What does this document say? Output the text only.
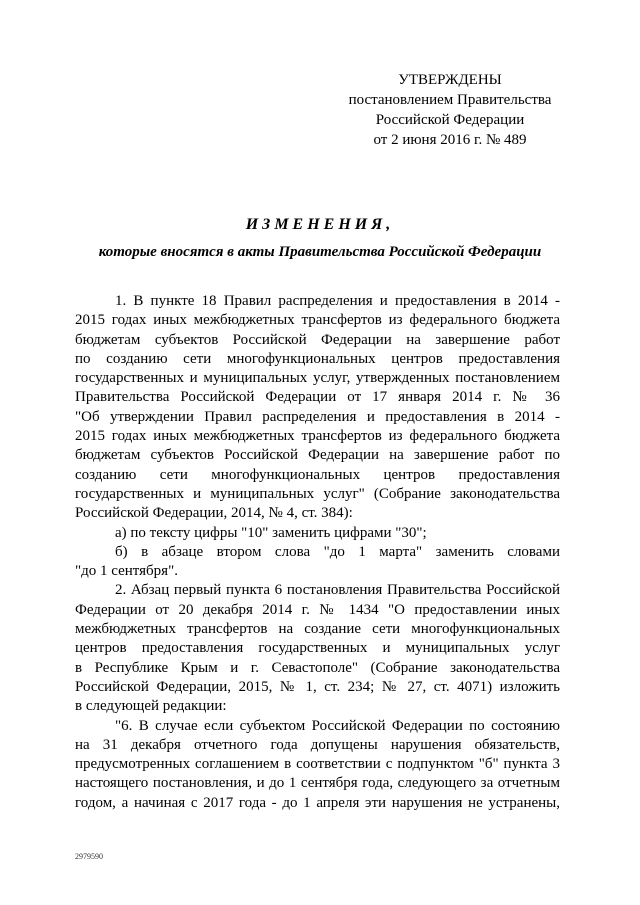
УТВЕРЖДЕНЫ
постановлением Правительства
Российской Федерации
от 2 июня 2016 г. № 489
ИЗМЕНЕНИЯ,
которые вносятся в акты Правительства Российской Федерации
1. В пункте 18 Правил распределения и предоставления в 2014 -
2015 годах иных межбюджетных трансфертов из федерального бюджета
бюджетам субъектов Российской Федерации на завершение работ
по созданию сети многофункциональных центров предоставления
государственных и муниципальных услуг, утвержденных постановлением
Правительства Российской Федерации от 17 января 2014 г. № 36
"Об утверждении Правил распределения и предоставления в 2014 -
2015 годах иных межбюджетных трансфертов из федерального бюджета
бюджетам субъектов Российской Федерации на завершение работ по
созданию сети многофункциональных центров предоставления
государственных и муниципальных услуг" (Собрание законодательства
Российской Федерации, 2014, № 4, ст. 384):
а) по тексту цифры "10" заменить цифрами "30";
б) в абзаце втором слова "до 1 марта" заменить словами
"до 1 сентября".
2. Абзац первый пункта 6 постановления Правительства Российской
Федерации от 20 декабря 2014 г. № 1434 "О предоставлении иных
межбюджетных трансфертов на создание сети многофункциональных
центров предоставления государственных и муниципальных услуг
в Республике Крым и г. Севастополе" (Собрание законодательства
Российской Федерации, 2015, № 1, ст. 234; № 27, ст. 4071) изложить
в следующей редакции:
"6. В случае если субъектом Российской Федерации по состоянию
на 31 декабря отчетного года допущены нарушения обязательств,
предусмотренных соглашением в соответствии с подпунктом "б" пункта 3
настоящего постановления, и до 1 сентября года, следующего за отчетным
годом, а начиная с 2017 года - до 1 апреля эти нарушения не устранены,
2979590
